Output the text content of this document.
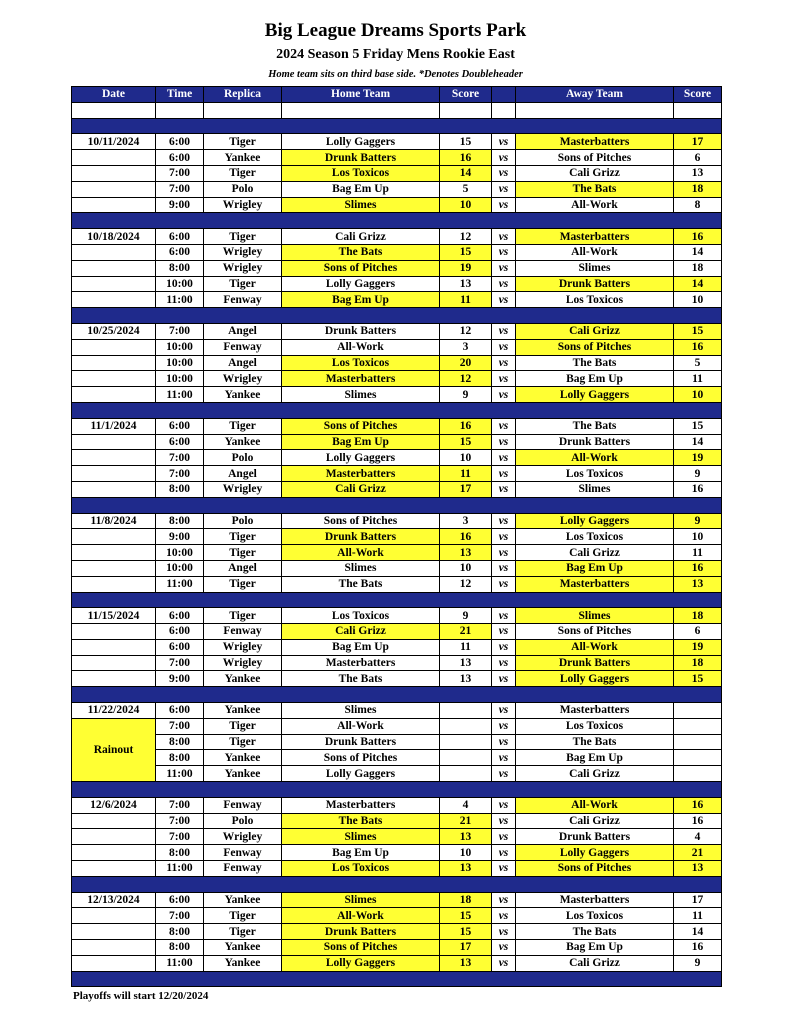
Big League Dreams Sports Park
2024 Season 5 Friday Mens Rookie East
Home team sits on third base side. *Denotes Doubleheader
Date	Time	Replica	Home Team	Score		Away Team	Score

10/11/2024	6:00	Tiger	Lolly Gaggers	15	vs	Masterbatters	17
	6:00	Yankee	Drunk Batters	16	vs	Sons of Pitches	6
	7:00	Tiger	Los Toxicos	14	vs	Cali Grizz	13
	7:00	Polo	Bag Em Up	5	vs	The Bats	18
	9:00	Wrigley	Slimes	10	vs	All-Work	8

10/18/2024	6:00	Tiger	Cali Grizz	12	vs	Masterbatters	16
	6:00	Wrigley	The Bats	15	vs	All-Work	14
	8:00	Wrigley	Sons of Pitches	19	vs	Slimes	18
	10:00	Tiger	Lolly Gaggers	13	vs	Drunk Batters	14
	11:00	Fenway	Bag Em Up	11	vs	Los Toxicos	10

10/25/2024	7:00	Angel	Drunk Batters	12	vs	Cali Grizz	15
	10:00	Fenway	All-Work	3	vs	Sons of Pitches	16
	10:00	Angel	Los Toxicos	20	vs	The Bats	5
	10:00	Wrigley	Masterbatters	12	vs	Bag Em Up	11
	11:00	Yankee	Slimes	9	vs	Lolly Gaggers	10

11/1/2024	6:00	Tiger	Sons of Pitches	16	vs	The Bats	15
	6:00	Yankee	Bag Em Up	15	vs	Drunk Batters	14
	7:00	Polo	Lolly Gaggers	10	vs	All-Work	19
	7:00	Angel	Masterbatters	11	vs	Los Toxicos	9
	8:00	Wrigley	Cali Grizz	17	vs	Slimes	16

11/8/2024	8:00	Polo	Sons of Pitches	3	vs	Lolly Gaggers	9
	9:00	Tiger	Drunk Batters	16	vs	Los Toxicos	10
	10:00	Tiger	All-Work	13	vs	Cali Grizz	11
	10:00	Angel	Slimes	10	vs	Bag Em Up	16
	11:00	Tiger	The Bats	12	vs	Masterbatters	13

11/15/2024	6:00	Tiger	Los Toxicos	9	vs	Slimes	18
	6:00	Fenway	Cali Grizz	21	vs	Sons of Pitches	6
	6:00	Wrigley	Bag Em Up	11	vs	All-Work	19
	7:00	Wrigley	Masterbatters	13	vs	Drunk Batters	18
	9:00	Yankee	The Bats	13	vs	Lolly Gaggers	15

11/22/2024	6:00	Yankee	Slimes		vs	Masterbatters	
Rainout	7:00	Tiger	All-Work		vs	Los Toxicos	
	8:00	Tiger	Drunk Batters		vs	The Bats	
	8:00	Yankee	Sons of Pitches		vs	Bag Em Up	
	11:00	Yankee	Lolly Gaggers		vs	Cali Grizz	

12/6/2024	7:00	Fenway	Masterbatters	4	vs	All-Work	16
	7:00	Polo	The Bats	21	vs	Cali Grizz	16
	7:00	Wrigley	Slimes	13	vs	Drunk Batters	4
	8:00	Fenway	Bag Em Up	10	vs	Lolly Gaggers	21
	11:00	Fenway	Los Toxicos	13	vs	Sons of Pitches	13

12/13/2024	6:00	Yankee	Slimes	18	vs	Masterbatters	17
	7:00	Tiger	All-Work	15	vs	Los Toxicos	11
	8:00	Tiger	Drunk Batters	15	vs	The Bats	14
	8:00	Yankee	Sons of Pitches	17	vs	Bag Em Up	16
	11:00	Yankee	Lolly Gaggers	13	vs	Cali Grizz	9

Playoffs will start 12/20/2024
